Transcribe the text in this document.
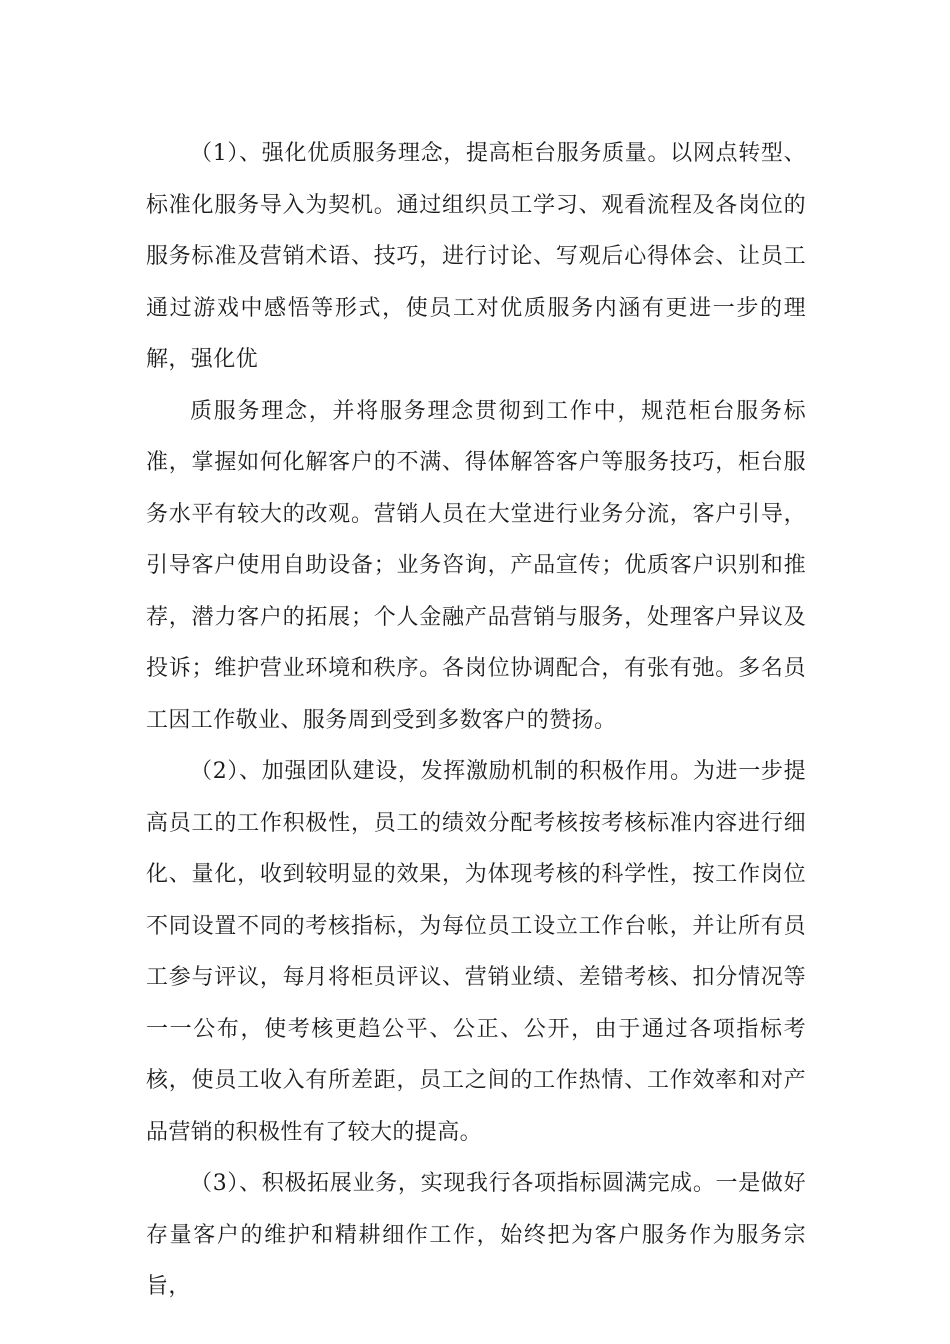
（1）、强化优质服务理念，提高柜台服务质量。以网点转型、标准化服务导入为契机。通过组织员工学习、观看流程及各岗位的服务标准及营销术语、技巧，进行讨论、写观后心得体会、让员工通过游戏中感悟等形式，使员工对优质服务内涵有更进一步的理解，强化优

质服务理念，并将服务理念贯彻到工作中，规范柜台服务标准，掌握如何化解客户的不满、得体解答客户等服务技巧，柜台服务水平有较大的改观。营销人员在大堂进行业务分流，客户引导，引导客户使用自助设备；业务咨询，产品宣传；优质客户识别和推荐，潜力客户的拓展；个人金融产品营销与服务，处理客户异议及投诉；维护营业环境和秩序。各岗位协调配合，有张有弛。多名员工因工作敬业、服务周到受到多数客户的赞扬。

（2）、加强团队建设，发挥激励机制的积极作用。为进一步提高员工的工作积极性，员工的绩效分配考核按考核标准内容进行细化、量化，收到较明显的效果，为体现考核的科学性，按工作岗位不同设置不同的考核指标，为每位员工设立工作台帐，并让所有员工参与评议，每月将柜员评议、营销业绩、差错考核、扣分情况等一一公布，使考核更趋公平、公正、公开，由于通过各项指标考核，使员工收入有所差距，员工之间的工作热情、工作效率和对产品营销的积极性有了较大的提高。

（3）、积极拓展业务，实现我行各项指标圆满完成。一是做好存量客户的维护和精耕细作工作，始终把为客户服务作为服务宗旨，
